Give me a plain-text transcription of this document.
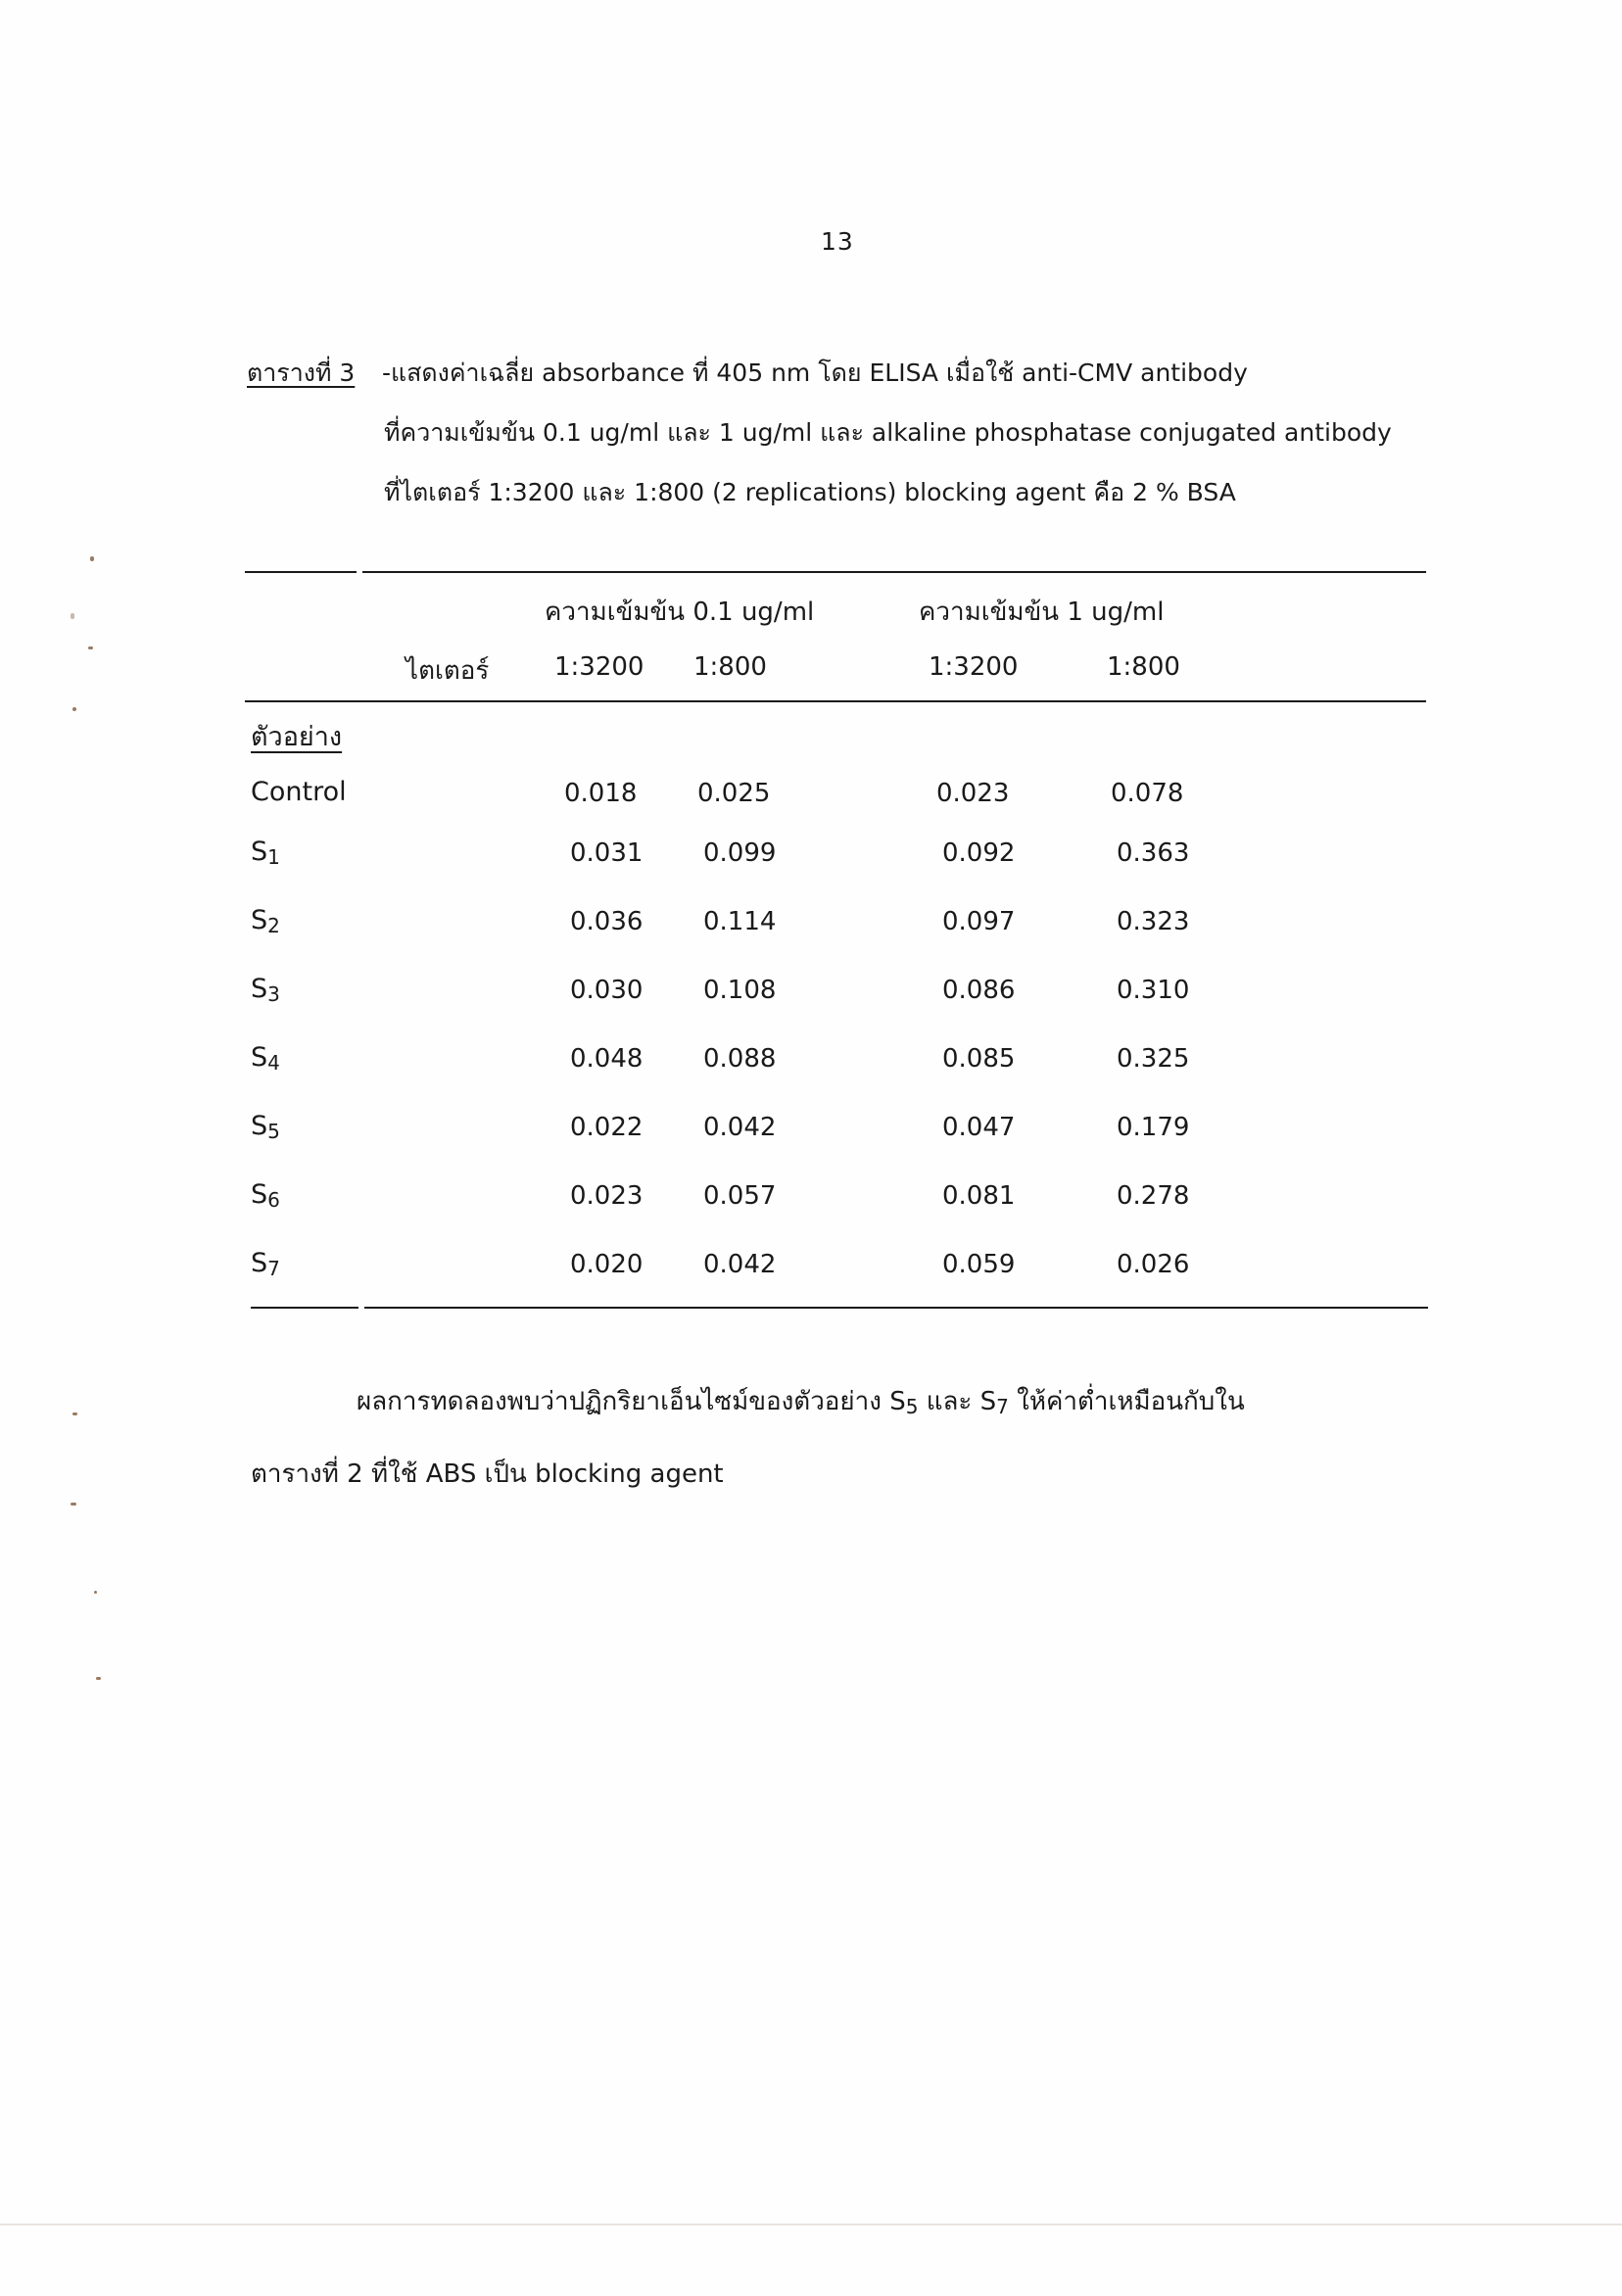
13
ตารางที่ 3 -แสดงค่าเฉลี่ย absorbance ที่ 405 nm โดย ELISA เมื่อใช้ anti-CMV antibody
ที่ความเข้มข้น 0.1 ug/ml และ 1 ug/ml และ alkaline phosphatase conjugated antibody
ที่ไตเตอร์ 1:3200 และ 1:800 (2 replications) blocking agent คือ 2 % BSA
ความเข้มข้น 0.1 ug/ml	ความเข้มข้น 1 ug/ml
ไตเตอร์	1:3200 1:800	1:3200	1:800
ตัวอย่าง
Control	0.018 0.025	0.023	0.078
$S_1$	0.031 0.099	0.092	0.363
$S_2$	0.036 0.114	0.097	0.323
$S_3$	0.030 0.108	0.086	0.310
$S_4$	0.048 0.088	0.085	0.325
$S_5$	0.022 0.042	0.047	0.179
$S_6$	0.023 0.057	0.081	0.278
$S_7$	0.020 0.042	0.059	0.026
ผลการทดลองพบว่าปฏิกริยาเอ็นไซม์ของตัวอย่าง $S_5$ และ $S_7$ ให้ค่าต่ำเหมือนกับใน
ตารางที่ 2 ที่ใช้ ABS เป็น blocking agent
